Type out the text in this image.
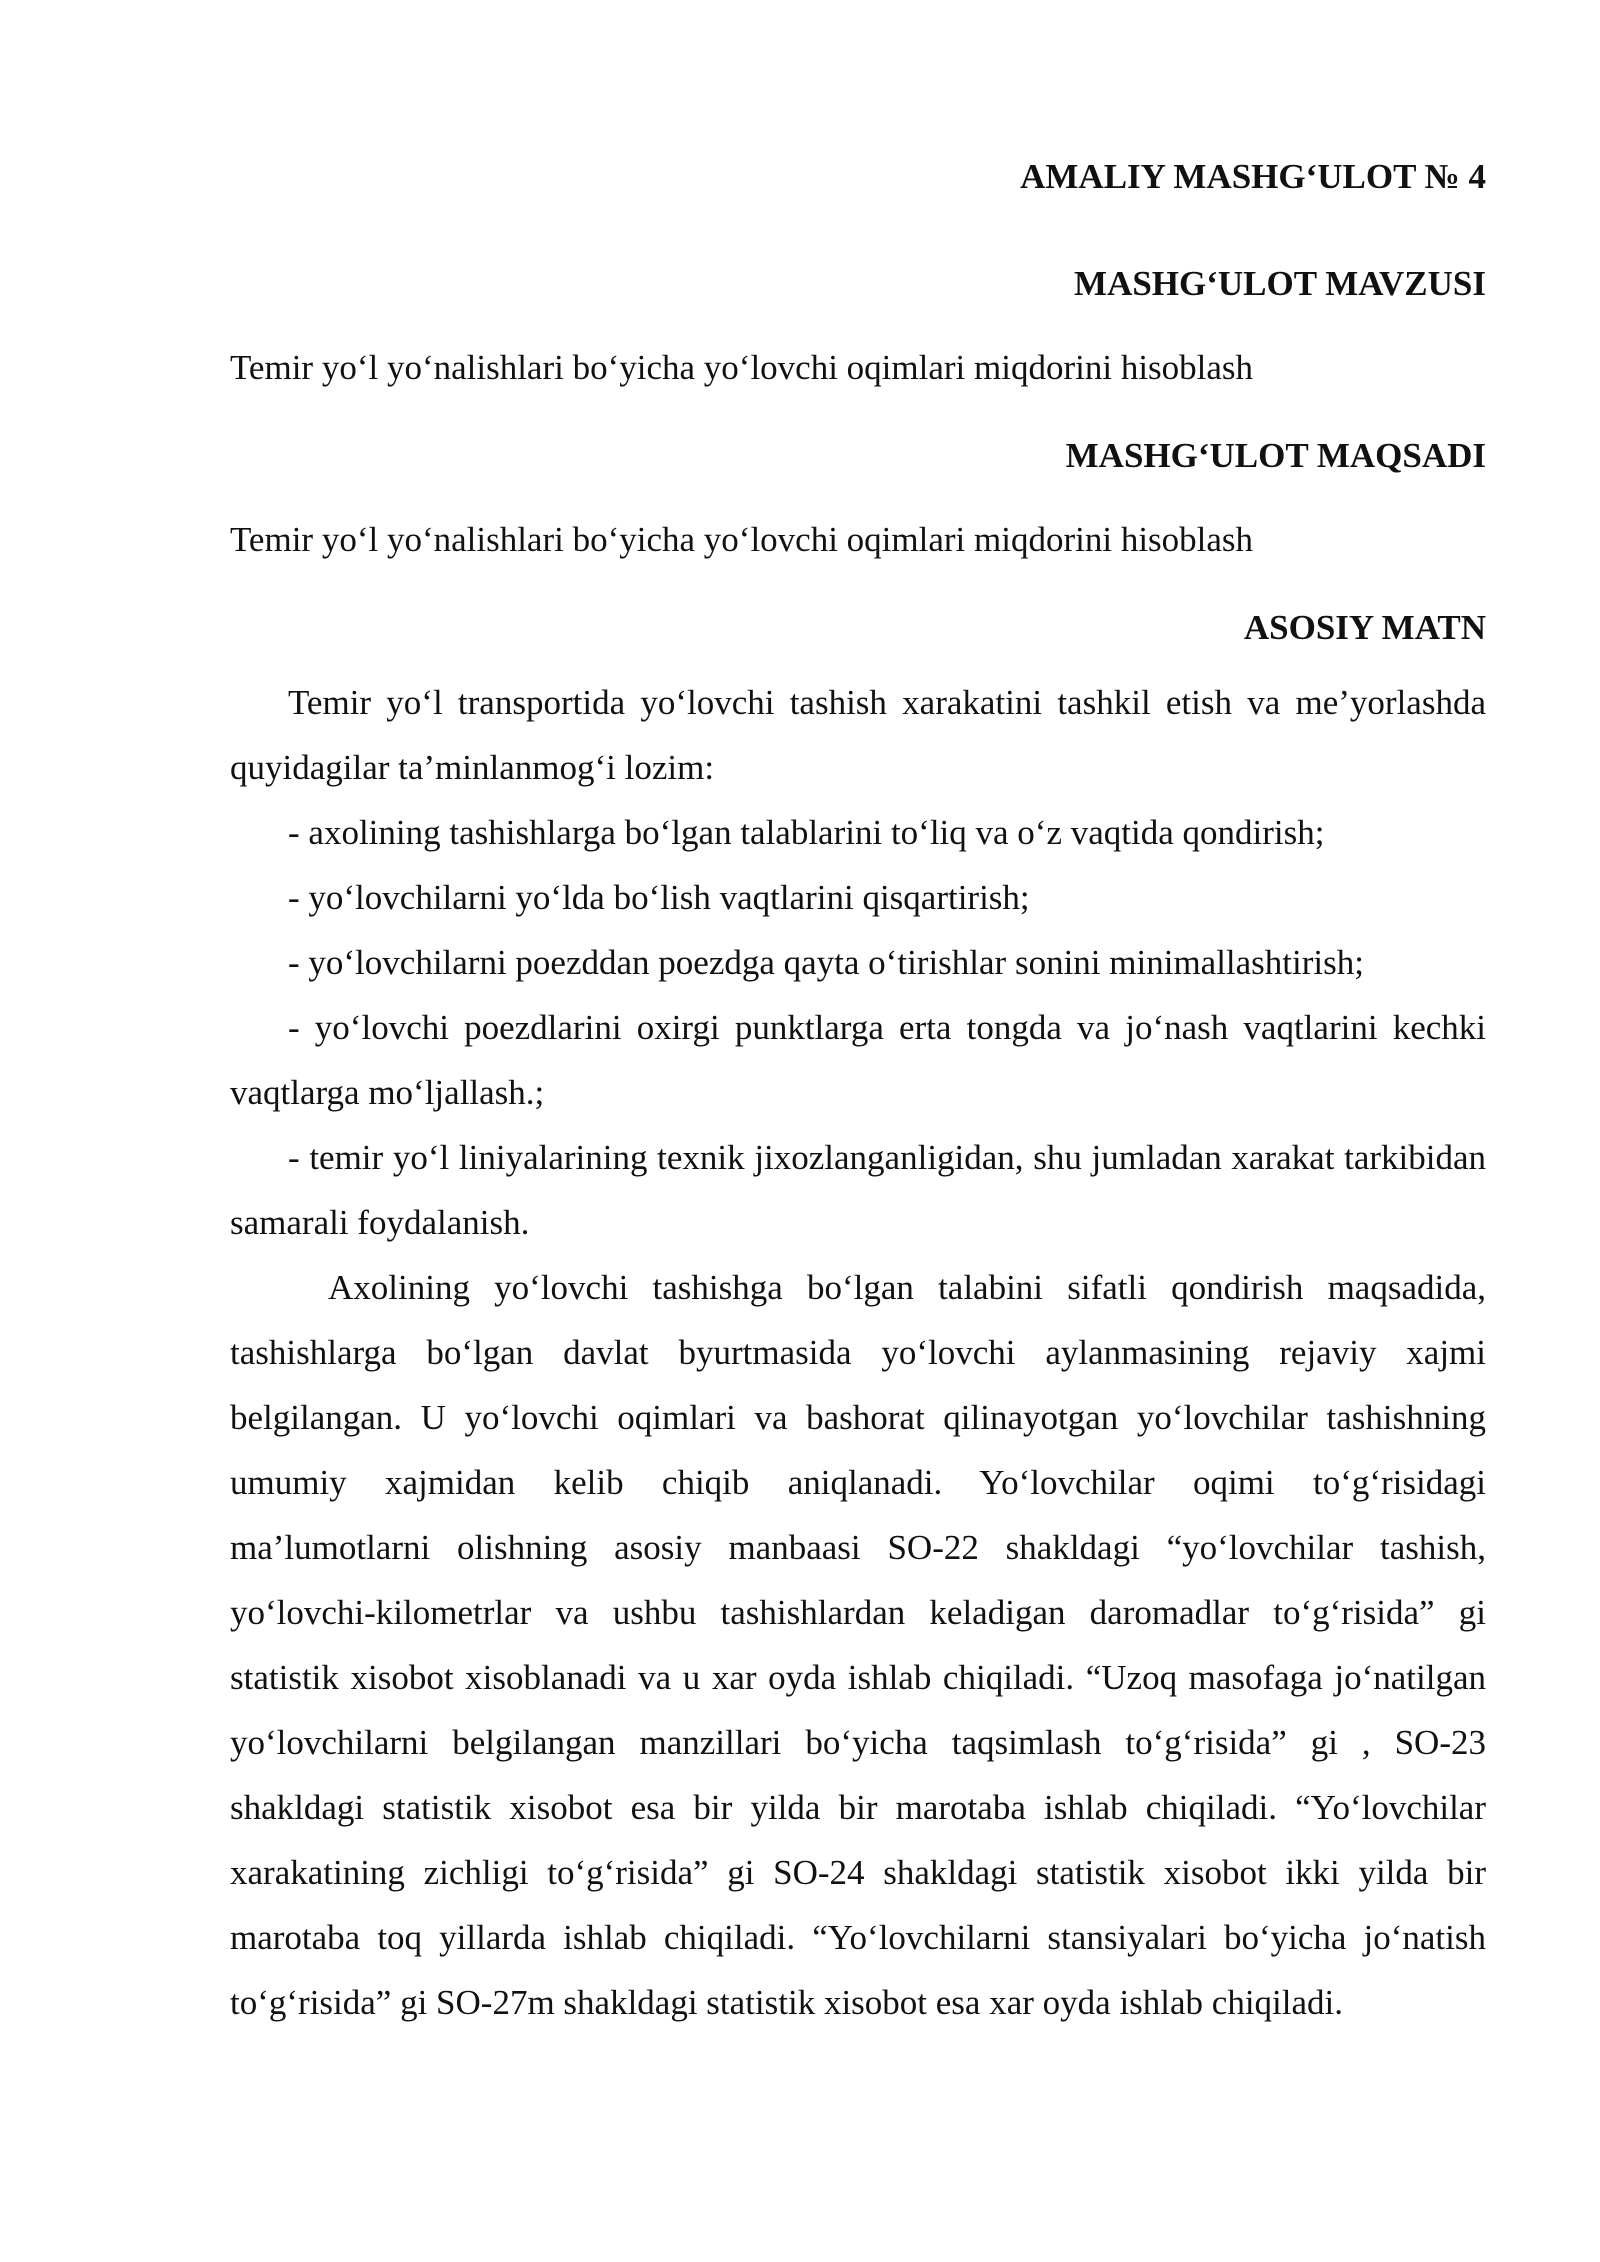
AMALIY MASHG‘ULOT № 4

MASHG‘ULOT MAVZUSI

Temir yo‘l yo‘nalishlari bo‘yicha yo‘lovchi oqimlari miqdorini hisoblash

MASHG‘ULOT MAQSADI

Temir yo‘l yo‘nalishlari bo‘yicha yo‘lovchi oqimlari miqdorini hisoblash

ASOSIY MATN

Temir yo‘l transportida yo‘lovchi tashish xarakatini tashkil etish va me’yorlashda quyidagilar ta’minlanmog‘i lozim:

- axolining tashishlarga bo‘lgan talablarini to‘liq va o‘z vaqtida qondirish;
- yo‘lovchilarni yo‘lda bo‘lish vaqtlarini qisqartirish;
- yo‘lovchilarni poezddan poezdga qayta o‘tirishlar sonini minimallashtirish;
- yo‘lovchi poezdlarini oxirgi punktlarga erta tongda va jo‘nash vaqtlarini kechki vaqtlarga mo‘ljallash.;
- temir yo‘l liniyalarining texnik jixozlanganligidan, shu jumladan xarakat tarkibidan samarali foydalanish.

Axolining yo‘lovchi tashishga bo‘lgan talabini sifatli qondirish maqsadida, tashishlarga bo‘lgan davlat byurtmasida yo‘lovchi aylanmasining rejaviy xajmi belgilangan. U yo‘lovchi oqimlari va bashorat qilinayotgan yo‘lovchilar tashishning umumiy xajmidan kelib chiqib aniqlanadi. Yo‘lovchilar oqimi to‘g‘risidagi ma’lumotlarni olishning asosiy manbaasi SO-22 shakldagi “yo‘lovchilar tashish, yo‘lovchi-kilometrlar va ushbu tashishlardan keladigan daromadlar to‘g‘risida” gi statistik xisobot xisoblanadi va u xar oyda ishlab chiqiladi. “Uzoq masofaga jo‘natilgan yo‘lovchilarni belgilangan manzillari bo‘yicha taqsimlash to‘g‘risida” gi , SO-23 shakldagi statistik xisobot esa bir yilda bir marotaba ishlab chiqiladi. “Yo‘lovchilar xarakatining zichligi to‘g‘risida” gi SO-24 shakldagi statistik xisobot ikki yilda bir marotaba toq yillarda ishlab chiqiladi. “Yo‘lovchilarni stansiyalari bo‘yicha jo‘natish to‘g‘risida” gi SO-27m shakldagi statistik xisobot esa xar oyda ishlab chiqiladi.
